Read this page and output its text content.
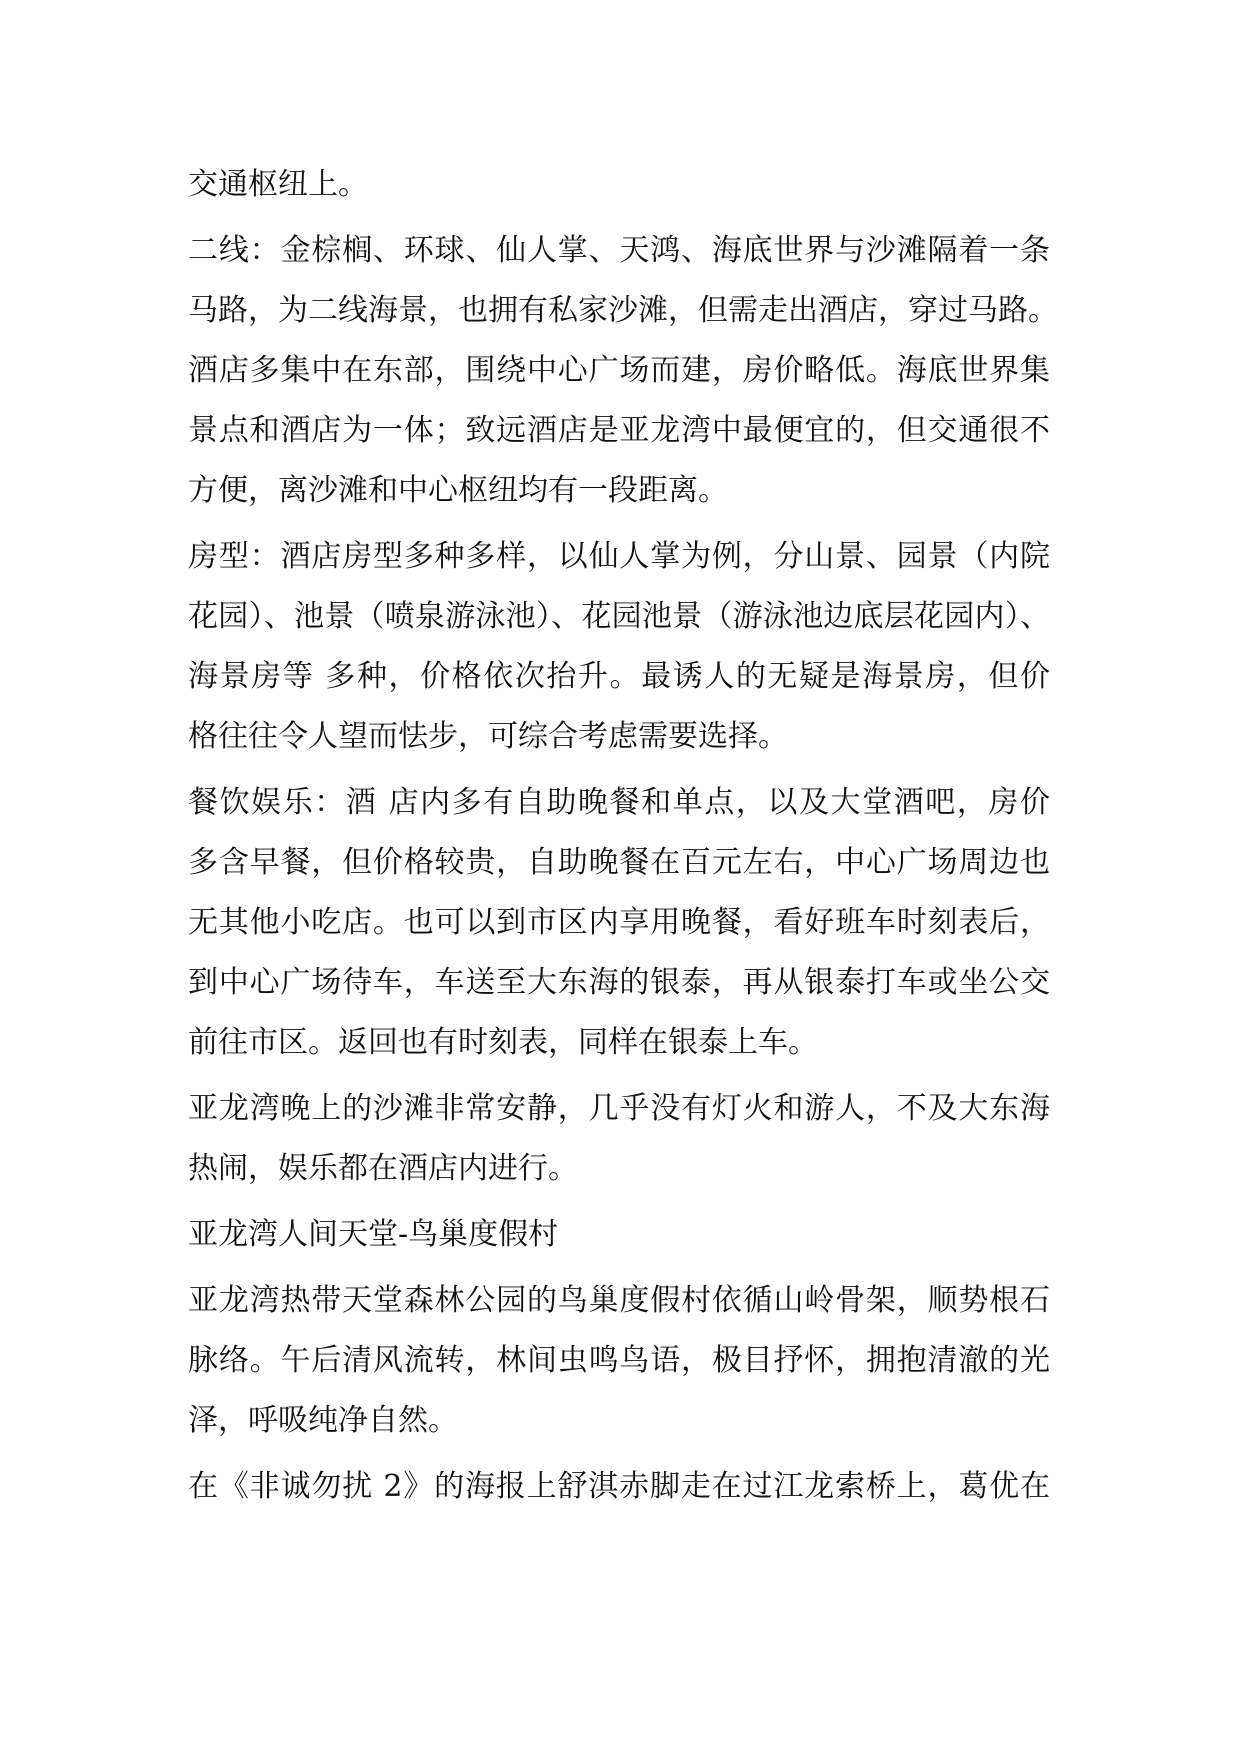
交通枢纽上。

二线：金棕榈、环球、仙人掌、天鸿、海底世界与沙滩隔着一条
马路，为二线海景，也拥有私家沙滩，但需走出酒店，穿过马路。
酒店多集中在东部，围绕中心广场而建，房价略低。海底世界集
景点和酒店为一体；致远酒店是亚龙湾中最便宜的，但交通很不
方便，离沙滩和中心枢纽均有一段距离。

房型：酒店房型多种多样，以仙人掌为例，分山景、园景（内院
花园）、池景（喷泉游泳池）、花园池景（游泳池边底层花园内）、
海景房等 多种，价格依次抬升。最诱人的无疑是海景房，但价
格往往令人望而怯步，可综合考虑需要选择。

餐饮娱乐：酒 店内多有自助晚餐和单点，以及大堂酒吧，房价
多含早餐，但价格较贵，自助晚餐在百元左右，中心广场周边也
无其他小吃店。也可以到市区内享用晚餐，看好班车时刻表后，
到中心广场待车，车送至大东海的银泰，再从银泰打车或坐公交
前往市区。返回也有时刻表，同样在银泰上车。

亚龙湾晚上的沙滩非常安静，几乎没有灯火和游人，不及大东海
热闹，娱乐都在酒店内进行。

亚龙湾人间天堂-鸟巢度假村

亚龙湾热带天堂森林公园的鸟巢度假村依循山岭骨架，顺势根石
脉络。午后清风流转，林间虫鸣鸟语，极目抒怀，拥抱清澈的光
泽，呼吸纯净自然。

在《非诚勿扰 2》的海报上舒淇赤脚走在过江龙索桥上，葛优在
